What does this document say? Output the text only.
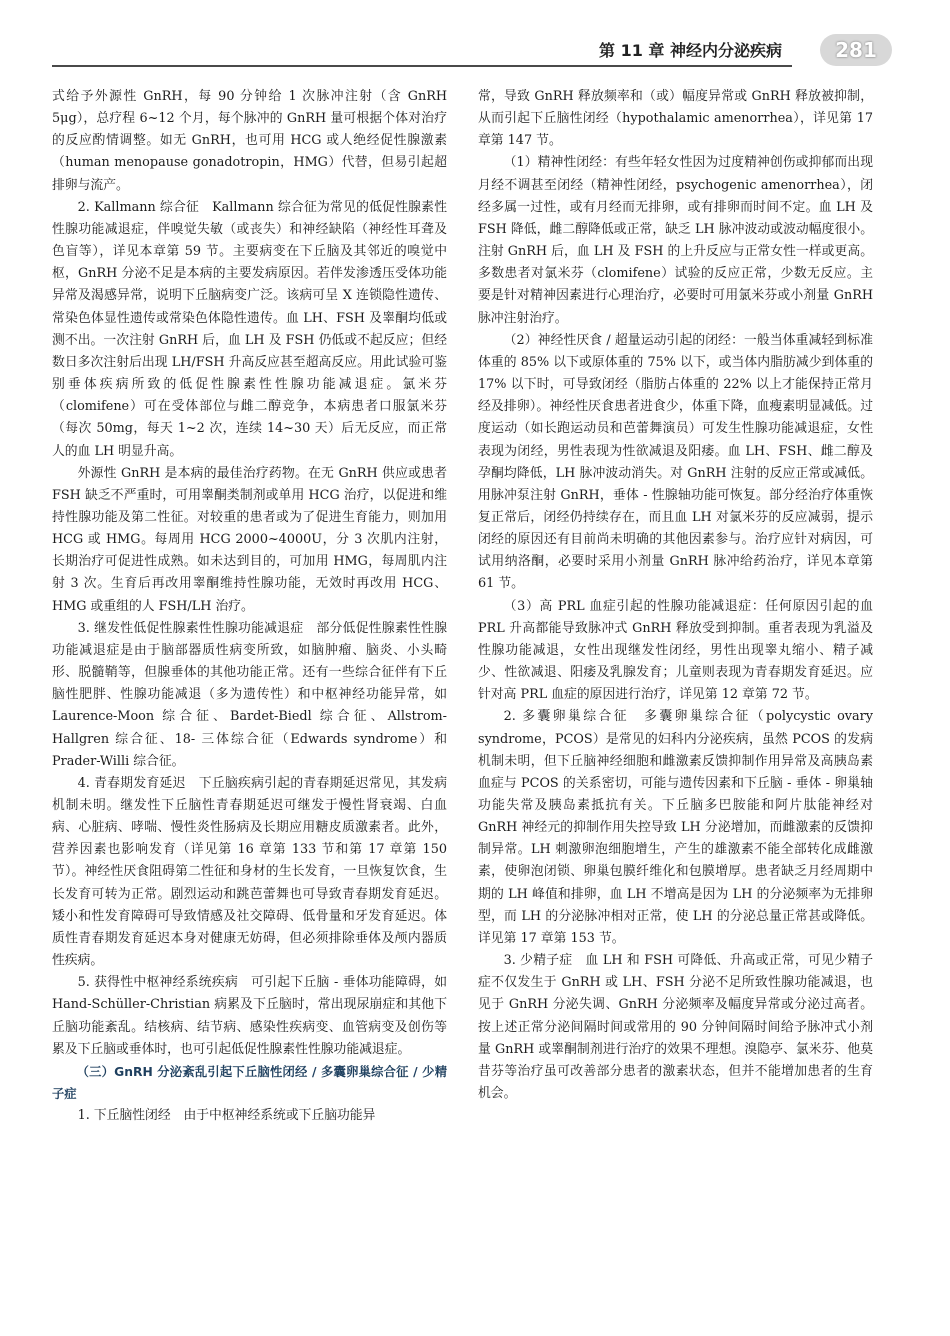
第 11 章 神经内分泌疾病	281

式给予外源性 GnRH，每 90 分钟给 1 次脉冲注射（含 GnRH 5μg），总疗程 6~12 个月，每个脉冲的 GnRH 量可根据个体对治疗的反应酌情调整。如无 GnRH，也可用 HCG 或人绝经促性腺激素（human menopause gonadotropin，HMG）代替，但易引起超排卵与流产。

2. Kallmann 综合征　Kallmann 综合征为常见的低促性腺素性性腺功能减退症，伴嗅觉失敏（或丧失）和神经缺陷（神经性耳聋及色盲等），详见本章第 59 节。主要病变在下丘脑及其邻近的嗅觉中枢，GnRH 分泌不足是本病的主要发病原因。若伴发渗透压受体功能异常及渴感异常，说明下丘脑病变广泛。该病可呈 X 连锁隐性遗传、常染色体显性遗传或常染色体隐性遗传。血 LH、FSH 及睾酮均低或测不出。一次注射 GnRH 后，血 LH 及 FSH 仍低或不起反应；但经数日多次注射后出现 LH/FSH 升高反应甚至超高反应。用此试验可鉴别垂体疾病所致的低促性腺素性性腺功能减退症。氯米芬（clomifene）可在受体部位与雌二醇竞争，本病患者口服氯米芬（每次 50mg，每天 1~2 次，连续 14~30 天）后无反应，而正常人的血 LH 明显升高。

外源性 GnRH 是本病的最佳治疗药物。在无 GnRH 供应或患者 FSH 缺乏不严重时，可用睾酮类制剂或单用 HCG 治疗，以促进和维持性腺功能及第二性征。对较重的患者或为了促进生育能力，则加用 HCG 或 HMG。每周用 HCG 2000~4000U，分 3 次肌内注射，长期治疗可促进性成熟。如未达到目的，可加用 HMG，每周肌内注射 3 次。生育后再改用睾酮维持性腺功能，无效时再改用 HCG、HMG 或重组的人 FSH/LH 治疗。

3. 继发性低促性腺素性性腺功能减退症　部分低促性腺素性性腺功能减退症是由于脑部器质性病变所致，如脑肿瘤、脑炎、小头畸形、脱髓鞘等，但腺垂体的其他功能正常。还有一些综合征伴有下丘脑性肥胖、性腺功能减退（多为遗传性）和中枢神经功能异常，如 Laurence-Moon 综合征、Bardet-Biedl 综合征、Allstrom-Hallgren 综合征、18- 三体综合征（Edwards syndrome）和 Prader-Willi 综合征。

4. 青春期发育延迟　下丘脑疾病引起的青春期延迟常见，其发病机制未明。继发性下丘脑性青春期延迟可继发于慢性肾衰竭、白血病、心脏病、哮喘、慢性炎性肠病及长期应用糖皮质激素者。此外，营养因素也影响发育（详见第 16 章第 133 节和第 17 章第 150 节）。神经性厌食阻碍第二性征和身材的生长发育，一旦恢复饮食，生长发育可转为正常。剧烈运动和跳芭蕾舞也可导致青春期发育延迟。矮小和性发育障碍可导致情感及社交障碍、低骨量和牙发育延迟。体质性青春期发育延迟本身对健康无妨碍，但必须排除垂体及颅内器质性疾病。

5. 获得性中枢神经系统疾病　可引起下丘脑 - 垂体功能障碍，如 Hand-Schüller-Christian 病累及下丘脑时，常出现尿崩症和其他下丘脑功能紊乱。结核病、结节病、感染性疾病变、血管病变及创伤等累及下丘脑或垂体时，也可引起低促性腺素性性腺功能减退症。

（三）GnRH 分泌紊乱引起下丘脑性闭经 / 多囊卵巢综合征 / 少精子症

1. 下丘脑性闭经　由于中枢神经系统或下丘脑功能异

常，导致 GnRH 释放频率和（或）幅度异常或 GnRH 释放被抑制，从而引起下丘脑性闭经（hypothalamic amenorrhea），详见第 17 章第 147 节。

（1）精神性闭经：有些年轻女性因为过度精神创伤或抑郁而出现月经不调甚至闭经（精神性闭经，psychogenic amenorrhea），闭经多属一过性，或有月经而无排卵，或有排卵而时间不定。血 LH 及 FSH 降低，雌二醇降低或正常，缺乏 LH 脉冲波动或波动幅度很小。注射 GnRH 后，血 LH 及 FSH 的上升反应与正常女性一样或更高。多数患者对氯米芬（clomifene）试验的反应正常，少数无反应。主要是针对精神因素进行心理治疗，必要时可用氯米芬或小剂量 GnRH 脉冲注射治疗。

（2）神经性厌食 / 超量运动引起的闭经：一般当体重减轻到标准体重的 85% 以下或原体重的 75% 以下，或当体内脂肪减少到体重的 17% 以下时，可导致闭经（脂肪占体重的 22% 以上才能保持正常月经及排卵）。神经性厌食患者进食少，体重下降，血瘦素明显减低。过度运动（如长跑运动员和芭蕾舞演员）可发生性腺功能减退症，女性表现为闭经，男性表现为性欲减退及阳痿。血 LH、FSH、雌二醇及孕酮均降低，LH 脉冲波动消失。对 GnRH 注射的反应正常或减低。用脉冲泵注射 GnRH，垂体 - 性腺轴功能可恢复。部分经治疗体重恢复正常后，闭经仍持续存在，而且血 LH 对氯米芬的反应减弱，提示闭经的原因还有目前尚未明确的其他因素参与。治疗应针对病因，可试用纳洛酮，必要时采用小剂量 GnRH 脉冲给药治疗，详见本章第 61 节。

（3）高 PRL 血症引起的性腺功能减退症：任何原因引起的血 PRL 升高都能导致脉冲式 GnRH 释放受到抑制。重者表现为乳溢及性腺功能减退，女性出现继发性闭经，男性出现睾丸缩小、精子减少、性欲减退、阳痿及乳腺发育；儿童则表现为青春期发育延迟。应针对高 PRL 血症的原因进行治疗，详见第 12 章第 72 节。

2. 多囊卵巢综合征　多囊卵巢综合征（polycystic ovary syndrome，PCOS）是常见的妇科内分泌疾病，虽然 PCOS 的发病机制未明，但下丘脑神经细胞和雌激素反馈抑制作用异常及高胰岛素血症与 PCOS 的关系密切，可能与遗传因素和下丘脑 - 垂体 - 卵巢轴功能失常及胰岛素抵抗有关。下丘脑多巴胺能和阿片肽能神经对 GnRH 神经元的抑制作用失控导致 LH 分泌增加，而雌激素的反馈抑制异常。LH 刺激卵泡细胞增生，产生的雄激素不能全部转化成雌激素，使卵泡闭锁、卵巢包膜纤维化和包膜增厚。患者缺乏月经周期中期的 LH 峰值和排卵，血 LH 不增高是因为 LH 的分泌频率为无排卵型，而 LH 的分泌脉冲相对正常，使 LH 的分泌总量正常甚或降低。详见第 17 章第 153 节。

3. 少精子症　血 LH 和 FSH 可降低、升高或正常，可见少精子症不仅发生于 GnRH 或 LH、FSH 分泌不足所致性腺功能减退，也见于 GnRH 分泌失调、GnRH 分泌频率及幅度异常或分泌过高者。按上述正常分泌间隔时间或常用的 90 分钟间隔时间给予脉冲式小剂量 GnRH 或睾酮制剂进行治疗的效果不理想。溴隐亭、氯米芬、他莫昔芬等治疗虽可改善部分患者的激素状态，但并不能增加患者的生育机会。
